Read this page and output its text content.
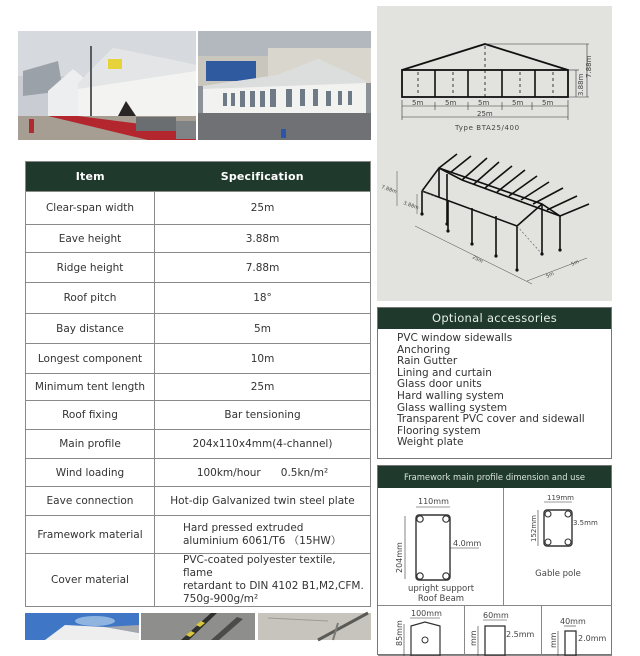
Item	Specification
Clear-span width	25m
Eave height	3.88m
Ridge height	7.88m
Roof pitch	18°
Bay distance	5m
Longest component	10m
Minimum tent length	25m
Roof fixing	Bar tensioning
Main profile	204x110x4mm(4-channel)
Wind loading	100km/hour      0.5kn/m²
Eave connection	Hot-dip Galvanized twin steel plate
Framework material	Hard pressed extruded
aluminium 6061/T6 （15HW）

Cover material	PVC-coated polyester textile, flame
retardant to DIN 4102 B1,M2,CFM.
750g-900g/m²
5m	5m	5m	5m	5m
25m
3.88m
7.88m
Type BTA25/400
7.88m
3.88m
25m
5m
5m
Optional accessories
PVC window sidewalls
Anchoring
Rain Gutter
Lining and curtain
Glass door units
Hard walling system
Glass walling system
Transparent PVC cover and sidewall
Flooring system
Weight plate
Framework main profile dimension and use
110mm
204mm	4.0mm
upright support
Roof Beam
119mm
152mm	3.5mm
Gable pole
100mm
85mm
60mm
mm	2.5mm
40mm
mm	2.0mm
